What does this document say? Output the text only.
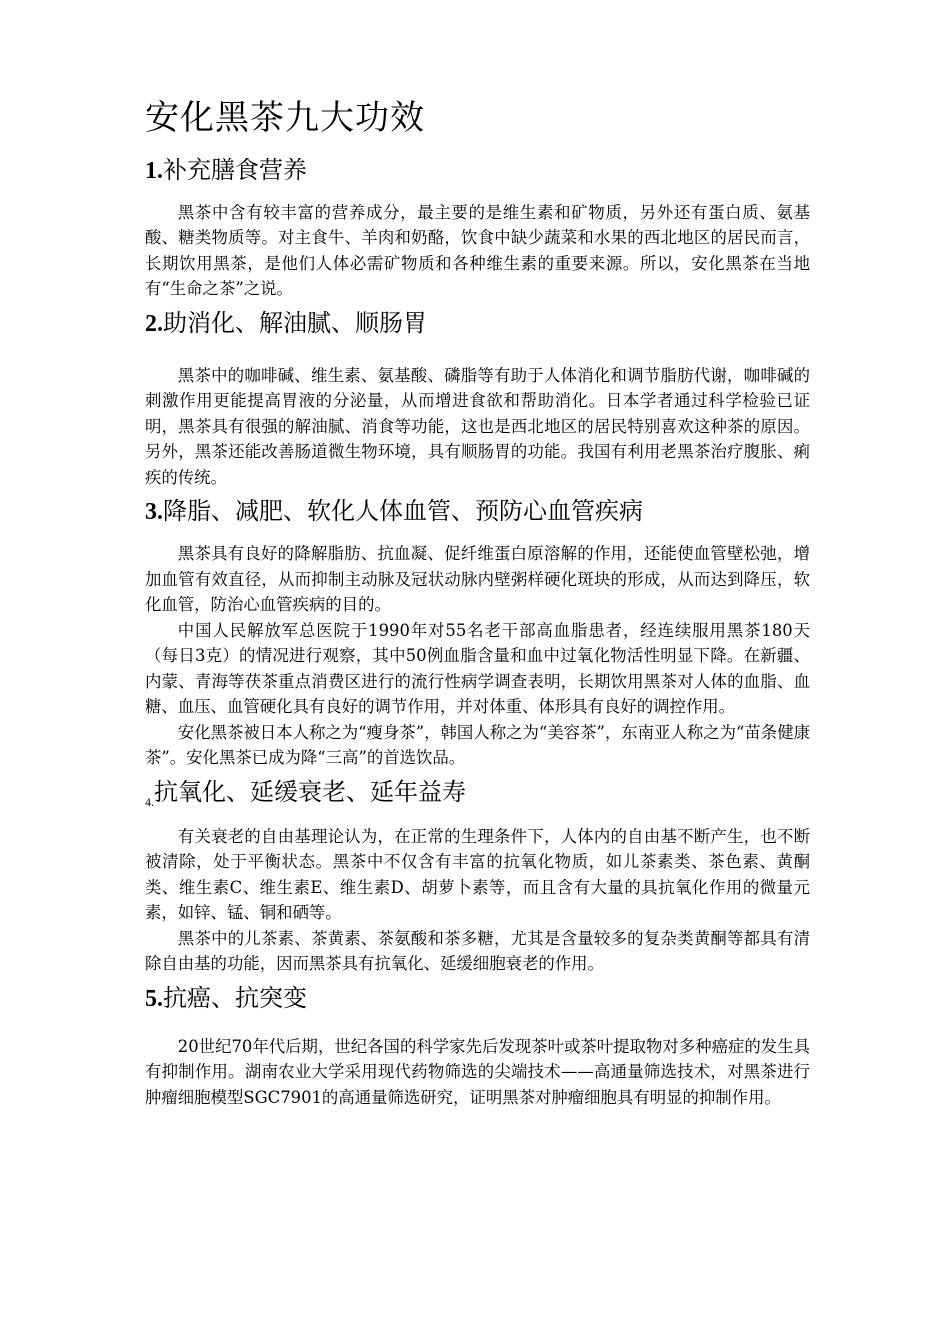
安化黑茶九大功效
1.补充膳食营养

黑茶中含有较丰富的营养成分，最主要的是维生素和矿物质，另外还有蛋白质、氨基酸、糖类物质等。对主食牛、羊肉和奶酪，饮食中缺少蔬菜和水果的西北地区的居民而言，长期饮用黑茶，是他们人体必需矿物质和各种维生素的重要来源。所以，安化黑茶在当地有“生命之茶”之说。

2.助消化、解油腻、顺肠胃

黑茶中的咖啡碱、维生素、氨基酸、磷脂等有助于人体消化和调节脂肪代谢，咖啡碱的刺激作用更能提高胃液的分泌量，从而增进食欲和帮助消化。日本学者通过科学检验已证明，黑茶具有很强的解油腻、消食等功能，这也是西北地区的居民特别喜欢这种茶的原因。另外，黑茶还能改善肠道微生物环境，具有顺肠胃的功能。我国有利用老黑茶治疗腹胀、痢疾的传统。

3.降脂、减肥、软化人体血管、预防心血管疾病

黑茶具有良好的降解脂肪、抗血凝、促纤维蛋白原溶解的作用，还能使血管壁松弛，增加血管有效直径，从而抑制主动脉及冠状动脉内壁粥样硬化斑块的形成，从而达到降压，软化血管，防治心血管疾病的目的。

中国人民解放军总医院于1990年对55名老干部高血脂患者，经连续服用黑茶180天（每日3克）的情况进行观察，其中50例血脂含量和血中过氧化物活性明显下降。在新疆、内蒙、青海等茯茶重点消费区进行的流行性病学调查表明，长期饮用黑茶对人体的血脂、血糖、血压、血管硬化具有良好的调节作用，并对体重、体形具有良好的调控作用。

安化黑茶被日本人称之为“瘦身茶”，韩国人称之为“美容茶”，东南亚人称之为“苗条健康茶”。安化黑茶已成为降“三高”的首选饮品。

$_{4.}$抗氧化、延缓衰老、延年益寿

有关衰老的自由基理论认为，在正常的生理条件下，人体内的自由基不断产生，也不断被清除，处于平衡状态。黑茶中不仅含有丰富的抗氧化物质，如儿茶素类、茶色素、黄酮类、维生素C、维生素E、维生素D、胡萝卜素等，而且含有大量的具抗氧化作用的微量元素，如锌、锰、铜和硒等。

黑茶中的儿茶素、茶黄素、茶氨酸和茶多糖，尤其是含量较多的复杂类黄酮等都具有清除自由基的功能，因而黑茶具有抗氧化、延缓细胞衰老的作用。

5.抗癌、抗突变

20世纪70年代后期，世纪各国的科学家先后发现茶叶或茶叶提取物对多种癌症的发生具有抑制作用。湖南农业大学采用现代药物筛选的尖端技术——高通量筛选技术，对黑茶进行肿瘤细胞模型SGC7901的高通量筛选研究，证明黑茶对肿瘤细胞具有明显的抑制作用。
